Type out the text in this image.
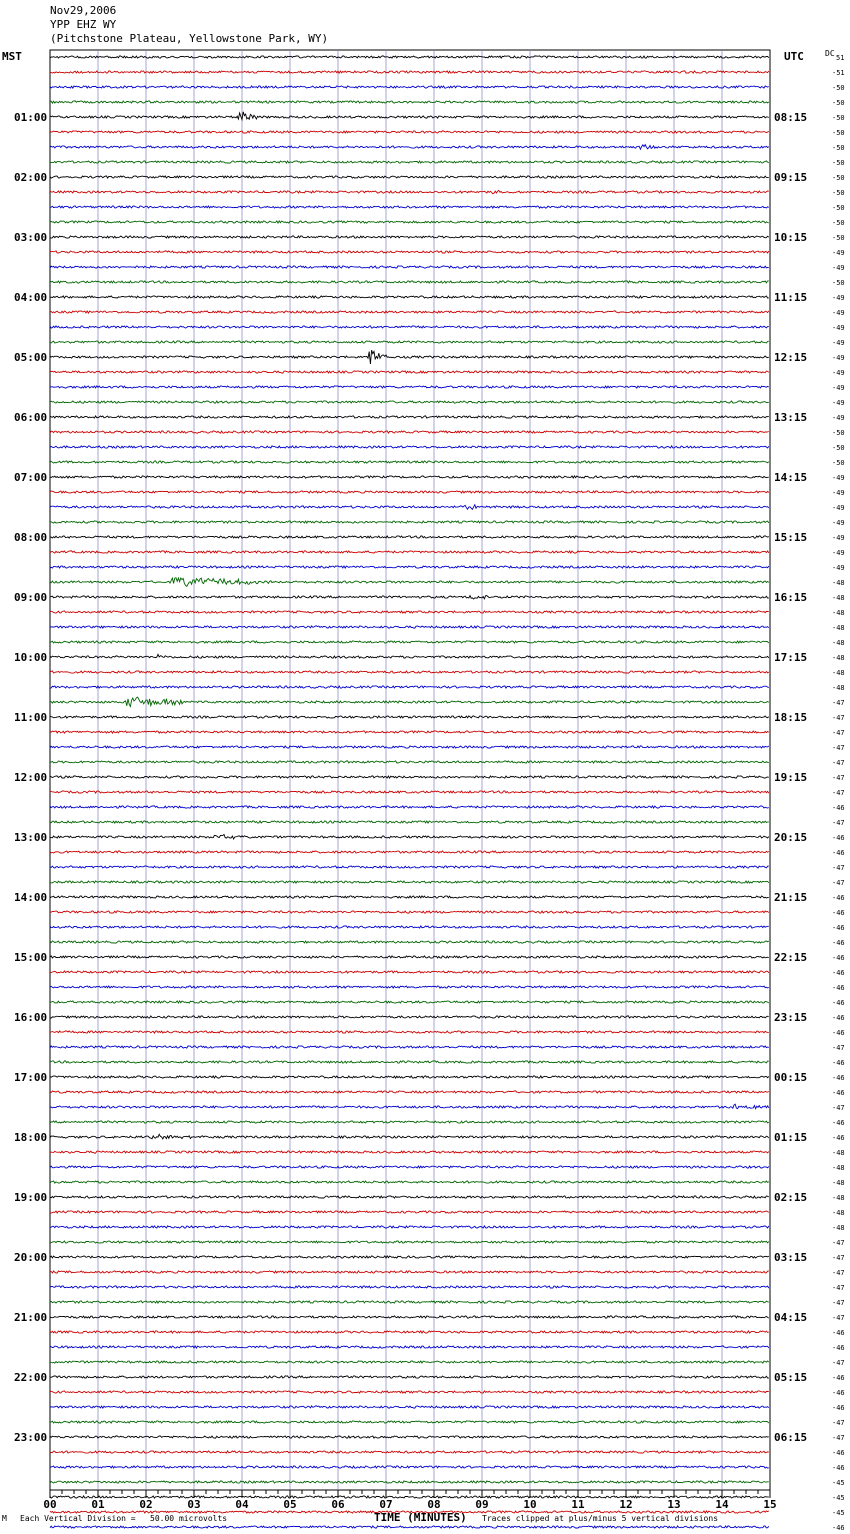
Nov29,2006
YPP EHZ WY
(Pitchstone Plateau, Yellowstone Park, WY)
MST	UTC	DC 51
-51
-50
-50
-50
-50
-50
-50
-50
-50
-50
-50
-50
-49
-49
-50
-49
-49
-49
-49
-49
-49
-49
-49
-49
-50
-50
-50
-49
-49
-49
-49
-49
-49
-49
-48
-48
-48
-48
-48
-48
-48
-48
-47
-47
-47
-47
-47
-47
-47
-46
-47
-46
-46
-47
-47
-46
-46
-46
-46
-46
-46
-46
-46
-46
-46
-47
-46
-46
-46
-47
-46
-46
-48
-48
-48
-48
-48
-48
-47
-47
-47
-47
-47
-47
-46
-46
-47
-46
-46
-46
-47
-47
-46
-46
-45
-45
-45
-46
01:00	08:15
02:00	09:15
03:00	10:15
04:00	11:15
05:00	12:15
06:00	13:15
07:00	14:15
08:00	15:15
09:00	16:15
10:00	17:15
11:00	18:15
12:00	19:15
13:00	20:15
14:00	21:15
15:00	22:15
16:00	23:15
17:00	00:15
18:00	01:15
19:00	02:15
20:00	03:15
21:00	04:15
22:00	05:15
23:00	06:15
00	01	02	03	04	05	06	07	08	09	10	11	12	13	14	15
M Each Vertical Division =   50.00 microvolts	TIME (MINUTES) Traces clipped at plus/minus 5 vertical divisions
